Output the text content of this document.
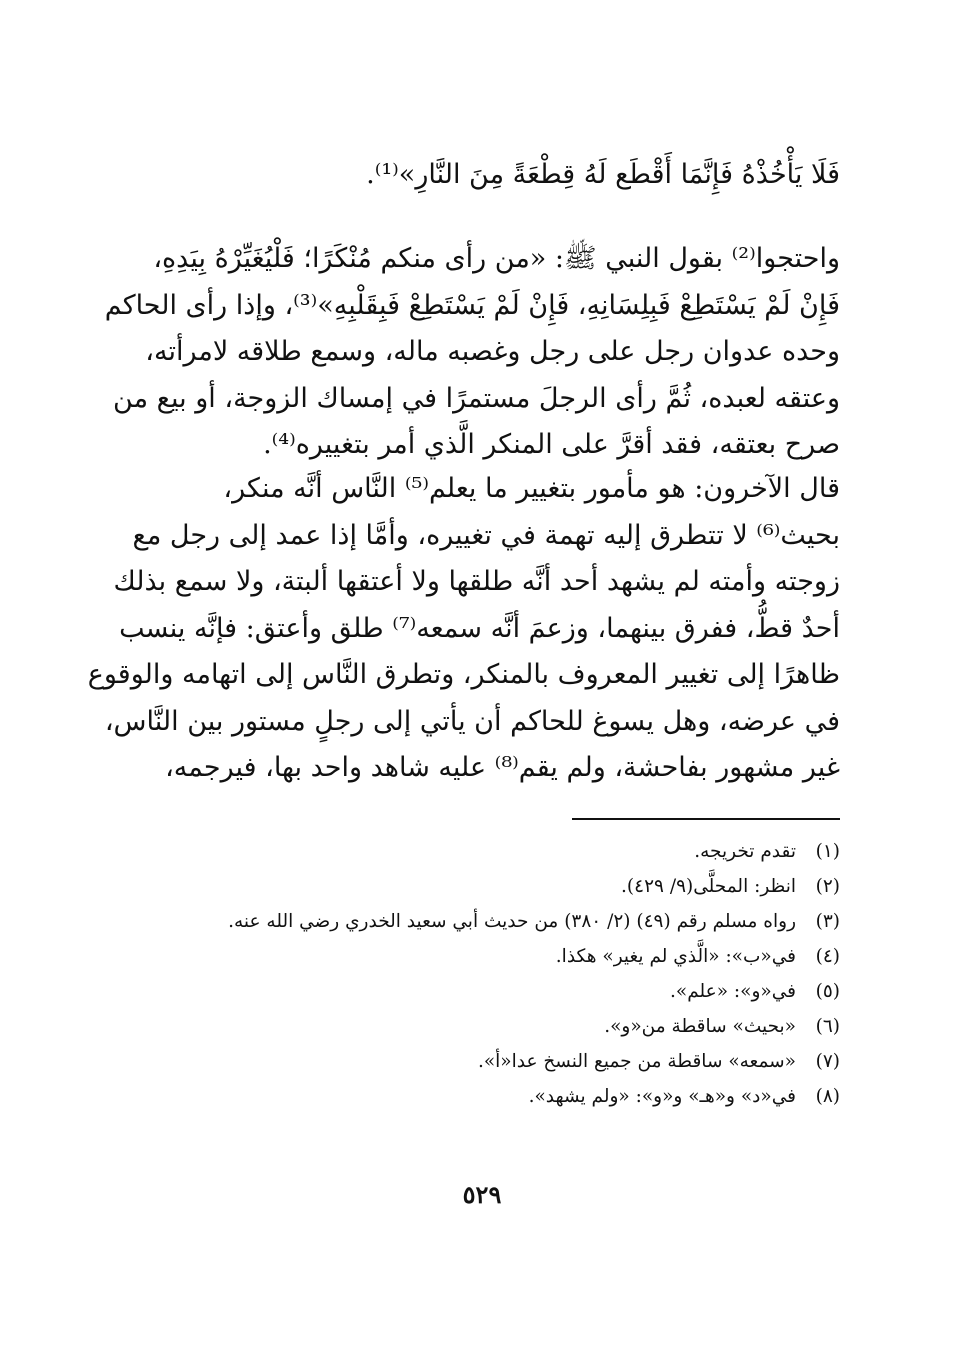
فَلَا يَأْخُذْهُ فَإِنَّمَا أَقْطَع لَهُ قِطْعَةً مِنَ النَّارِ»⁽¹⁾.
واحتجوا⁽²⁾ بقول النبي ﷺ: «من رأى منكم مُنْكَرًا؛ فَلْيُغَيِّرْهُ بِيَدِهِ،
فَإِنْ لَمْ يَسْتَطِعْ فَبِلِسَانِهِ، فَإِنْ لَمْ يَسْتَطِعْ فَبِقَلْبِهِ»⁽³⁾، وإذا رأى الحاكم
وحده عدوان رجل على رجل وغصبه ماله، وسمع طلاقه لامرأته،
وعتقه لعبده، ثُمَّ رأى الرجلَ مستمرًا في إمساك الزوجة، أو بيع من
صرح بعتقه، فقد أقرَّ على المنكر الَّذي أمر بتغييره⁽⁴⁾.
قال الآخرون: هو مأمور بتغيير ما يعلم⁽⁵⁾ النَّاس أنَّه منكر،
بحيث⁽⁶⁾ لا تتطرق إليه تهمة في تغييره، وأمَّا إذا عمد إلى رجل مع
زوجته وأمته لم يشهد أحد أنَّه طلقها ولا أعتقها ألبتة، ولا سمع بذلك
أحدٌ قطُّ، ففرق بينهما، وزعمَ أنَّه سمعه⁽⁷⁾ طلق وأعتق: فإنَّه ينسب
ظاهرًا إلى تغيير المعروف بالمنكر، وتطرق النَّاس إلى اتهامه والوقوع
في عرضه، وهل يسوغ للحاكم أن يأتي إلى رجلٍ مستور بين النَّاس،
غير مشهور بفاحشة، ولم يقم⁽⁸⁾ عليه شاهد واحد بها، فيرجمه،
(١)
تقدم تخريجه.
(٢)
انظر: المحلَّى(٩/ ٤٢٩).
(٣)
رواه مسلم رقم (٤٩) (٢/ ٣٨٠) من حديث أبي سعيد الخدري رضي الله عنه.
(٤)
في«ب»: «الَّذي لم يغير» هكذا.
(٥)
في«و»: «علم».
(٦)
«بحيث» ساقطة من«و».
(٧)
«سمعه» ساقطة من جميع النسخ عدا«أ».
(٨)
في«د» و«هـ» و«و»: «ولم يشهد».
٥٢٩
